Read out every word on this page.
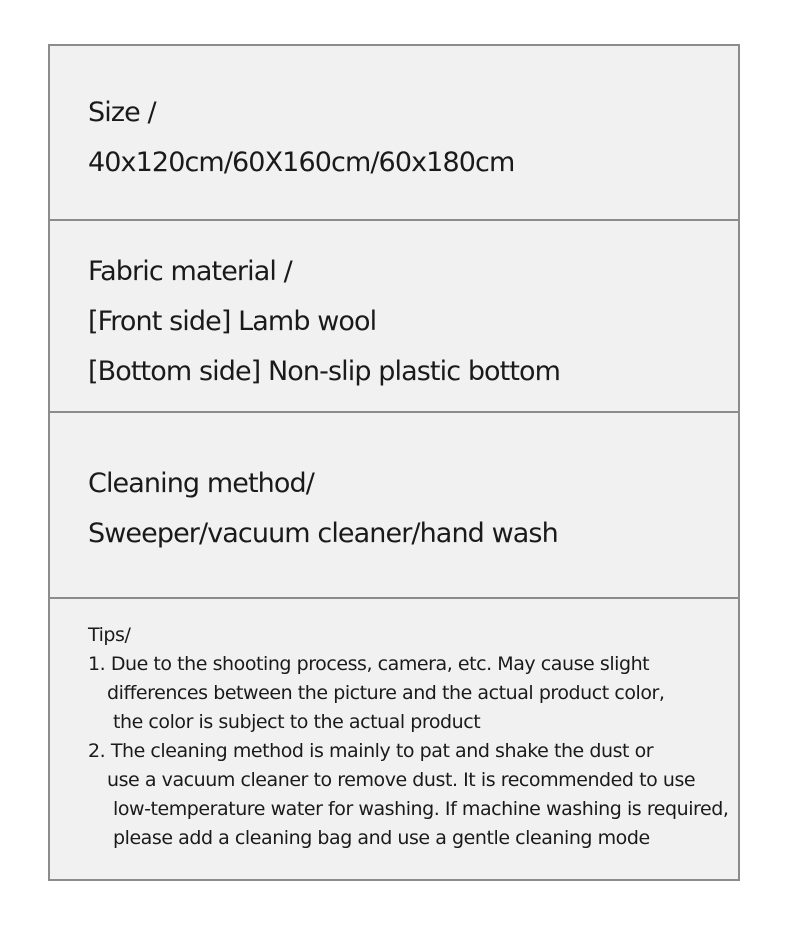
Size /
40x120cm/60X160cm/60x180cm
Fabric material /
[Front side] Lamb wool
[Bottom side] Non-slip plastic bottom
Cleaning method/
Sweeper/vacuum cleaner/hand wash
Tips/
1. Due to the shooting process, camera, etc. May cause slight
differences between the picture and the actual product color,
the color is subject to the actual product
2. The cleaning method is mainly to pat and shake the dust or
use a vacuum cleaner to remove dust. It is recommended to use
low-temperature water for washing. If machine washing is required,
please add a cleaning bag and use a gentle cleaning mode
